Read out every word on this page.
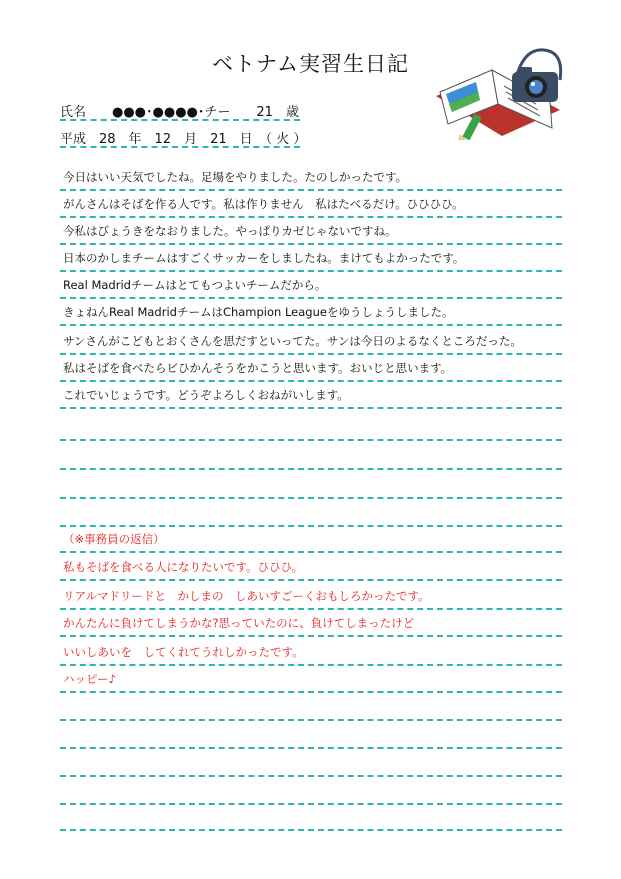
ベトナム実習生日記
氏名　　●●●･●●●●･チー　　21　歳
平成　28　年　12　月　21　日　（ 火 ）
今日はいい天気でしたね。足場をやりました。たのしかったです。
がんさんはそばを作る人です。私は作りません　私はたべるだけ。ひひひひ。
今私はびょうきをなおりました。やっぱりカゼじゃないですね。
日本のかしまチームはすごくサッカーをしましたね。まけてもよかったです。
Real Madridチームはとてもつよいチームだから。
きょねんReal MadridチームはChampion Leagueをゆうしょうしました。
サンさんがこどもとおくさんを思だすといってた。サンは今日のよるなくところだった。
私はそばを食べたらビひかんそうをかこうと思います。おいじと思います。
これでいじょうです。どうぞよろしくおねがいします。
（※事務員の返信）
私もそばを食べる人になりたいです。ひひひ。
リアルマドリードと　かしまの　しあいすごーくおもしろかったです。
かんたんに負けてしまうかな?思っていたのに、負けてしまったけど
いいしあいを　してくれてうれしかったです。
ハッピー♪
